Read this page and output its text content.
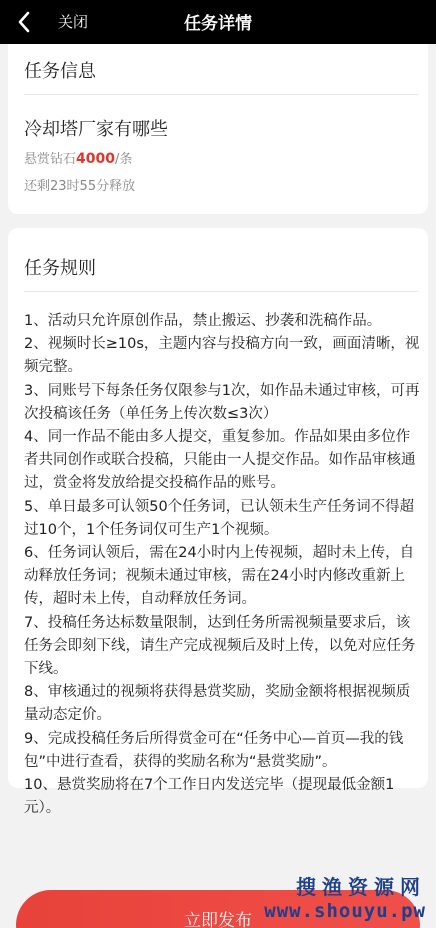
关闭	任务详情
任务信息
冷却塔厂家有哪些
悬赏钻石4000/条
还剩23时55分释放
任务规则

1、活动只允许原创作品，禁止搬运、抄袭和洗稿作品。

2、视频时长≥10s，主题内容与投稿方向一致，画面清晰，视频完整。

3、同账号下每条任务仅限参与1次，如作品未通过审核，可再次投稿该任务（单任务上传次数≤3次）

4、同一作品不能由多人提交，重复参加。作品如果由多位作者共同创作或联合投稿，只能由一人提交作品。如作品审核通过，赏金将发放给提交投稿作品的账号。

5、单日最多可认领50个任务词，已认领未生产任务词不得超过10个，1个任务词仅可生产1个视频。

6、任务词认领后，需在24小时内上传视频，超时未上传，自动释放任务词；视频未通过审核，需在24小时内修改重新上传，超时未上传，自动释放任务词。

7、投稿任务达标数量限制，达到任务所需视频量要求后，该任务会即刻下线，请生产完成视频后及时上传，以免对应任务下线。

8、审核通过的视频将获得悬赏奖励，奖励金额将根据视频质量动态定价。

9、完成投稿任务后所得赏金可在“任务中心—首页—我的钱包”中进行查看，获得的奖励名称为“悬赏奖励”。

10、悬赏奖励将在7个工作日内发送完毕（提现最低金额1元）。

立即发布
搜渔资源网
www.shouyu.pw
